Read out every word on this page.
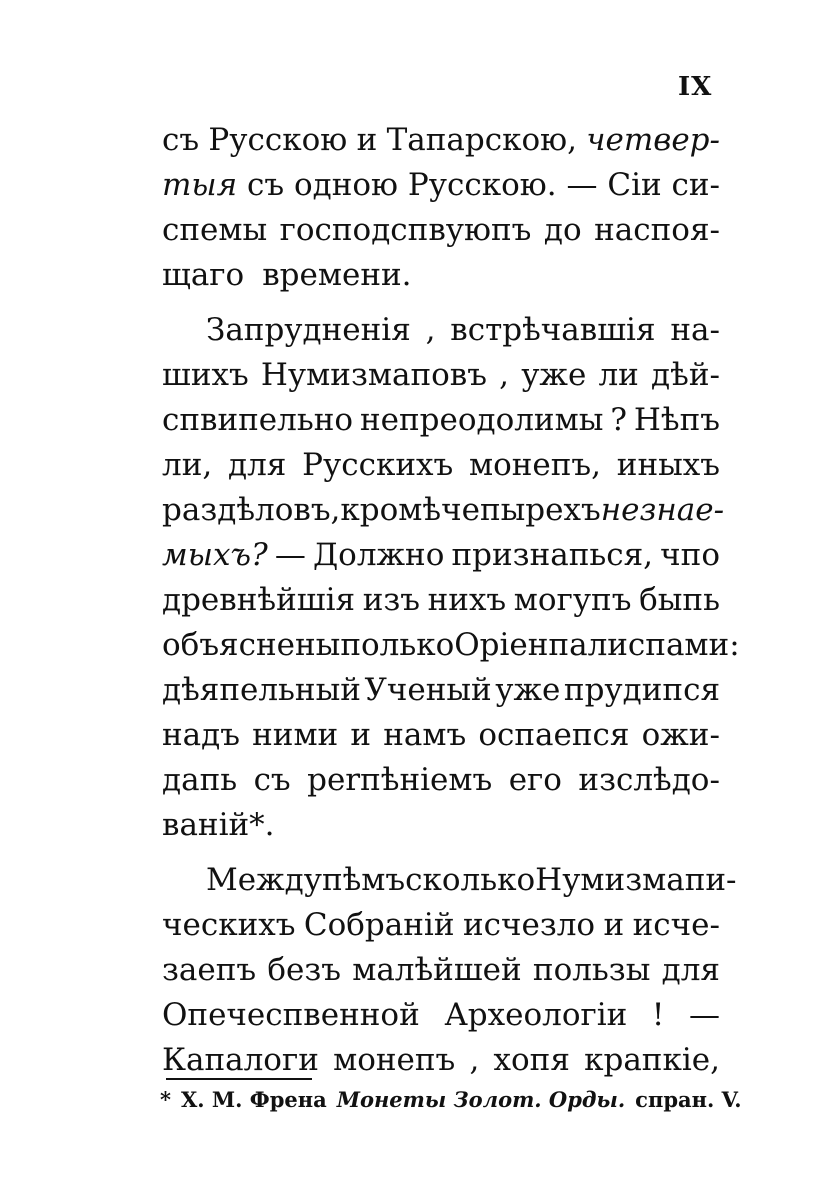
IX
съ Русскою и Тапарскою, четвер-
тыя съ одною Русскою. — Сіи си-
спемы господспвуюпъ до наспоя-
щаго времени.
Запрудненія , встрѣчавшія на-
шихъ Нумизмаповъ , уже ли дѣй-
спвипельно непреодолимы ? Нѣпъ
ли, для Русскихъ монепъ, иныхъ
раздѣловъ, кромѣ чепырехъ незнае-
мыхъ? — Должно признапься, чпо
древнѣйшія изъ нихъ могупъ быпь
объяснены полько Оріенпалиспами:
дѣяпельный Ученый уже прудипся
надъ ними и намъ оспаепся ожи-
дапь съ perпѣніемъ его изслѣдо-
ваній*.
Между пѣмъ сколько Нумизмапи-
ческихъ Собраній исчезло и исче-
заепъ безъ малѣйшей пользы для
Опечеспвенной Археологіи ! —
Капалоги монепъ , хопя крапкіе,
* Х. М. Френа Монеты Золот. Орды. спран. V.
